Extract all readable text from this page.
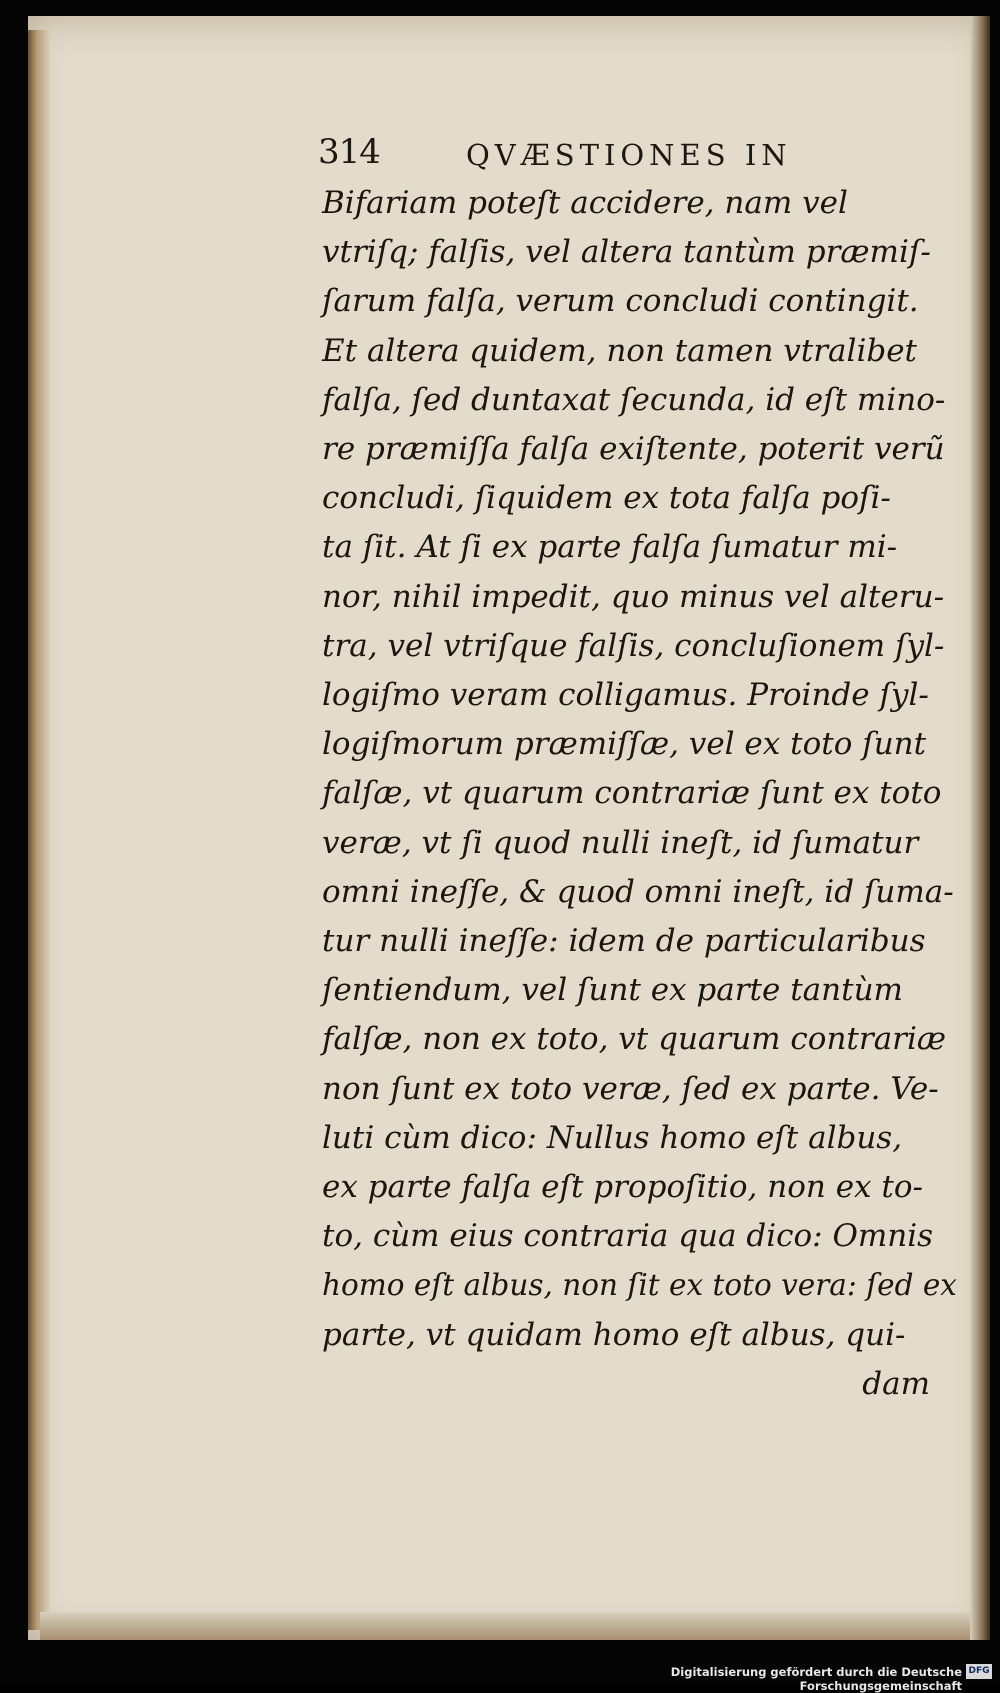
314	QVÆSTIONES IN
Bifariam poteſt accidere, nam vel
vtriſq; falſis, vel altera tantùm præmiſ-
ſarum falſa, verum concludi contingit.
Et altera quidem, non tamen vtralibet
falſa, ſed duntaxat ſecunda, id eſt mino-
re præmiſſa falſa exiſtente, poterit verũ
concludi, ſiquidem ex tota falſa poſi-
ta ſit. At ſi ex parte falſa ſumatur mi-
nor, nihil impedit, quo minus vel alteru-
tra, vel vtriſque falſis, concluſionem ſyl-
logiſmo veram colligamus. Proinde ſyl-
logiſmorum præmiſſæ, vel ex toto ſunt
falſæ, vt quarum contrariæ ſunt ex toto
veræ, vt ſi quod nulli ineſt, id ſumatur
omni ineſſe, & quod omni ineſt, id ſuma-
tur nulli ineſſe: idem de particularibus
ſentiendum, vel ſunt ex parte tantùm
falſæ, non ex toto, vt quarum contrariæ
non ſunt ex toto veræ, ſed ex parte. Ve-
luti cùm dico: Nullus homo eſt albus,
ex parte falſa eſt propoſitio, non ex to-
to, cùm eius contraria qua dico: Omnis
homo eſt albus, non ſit ex toto vera: ſed ex
parte, vt quidam homo eſt albus, qui-
dam
Digitalisierung gefördert durch die Deutsche Forschungsgemeinschaft
DFG
